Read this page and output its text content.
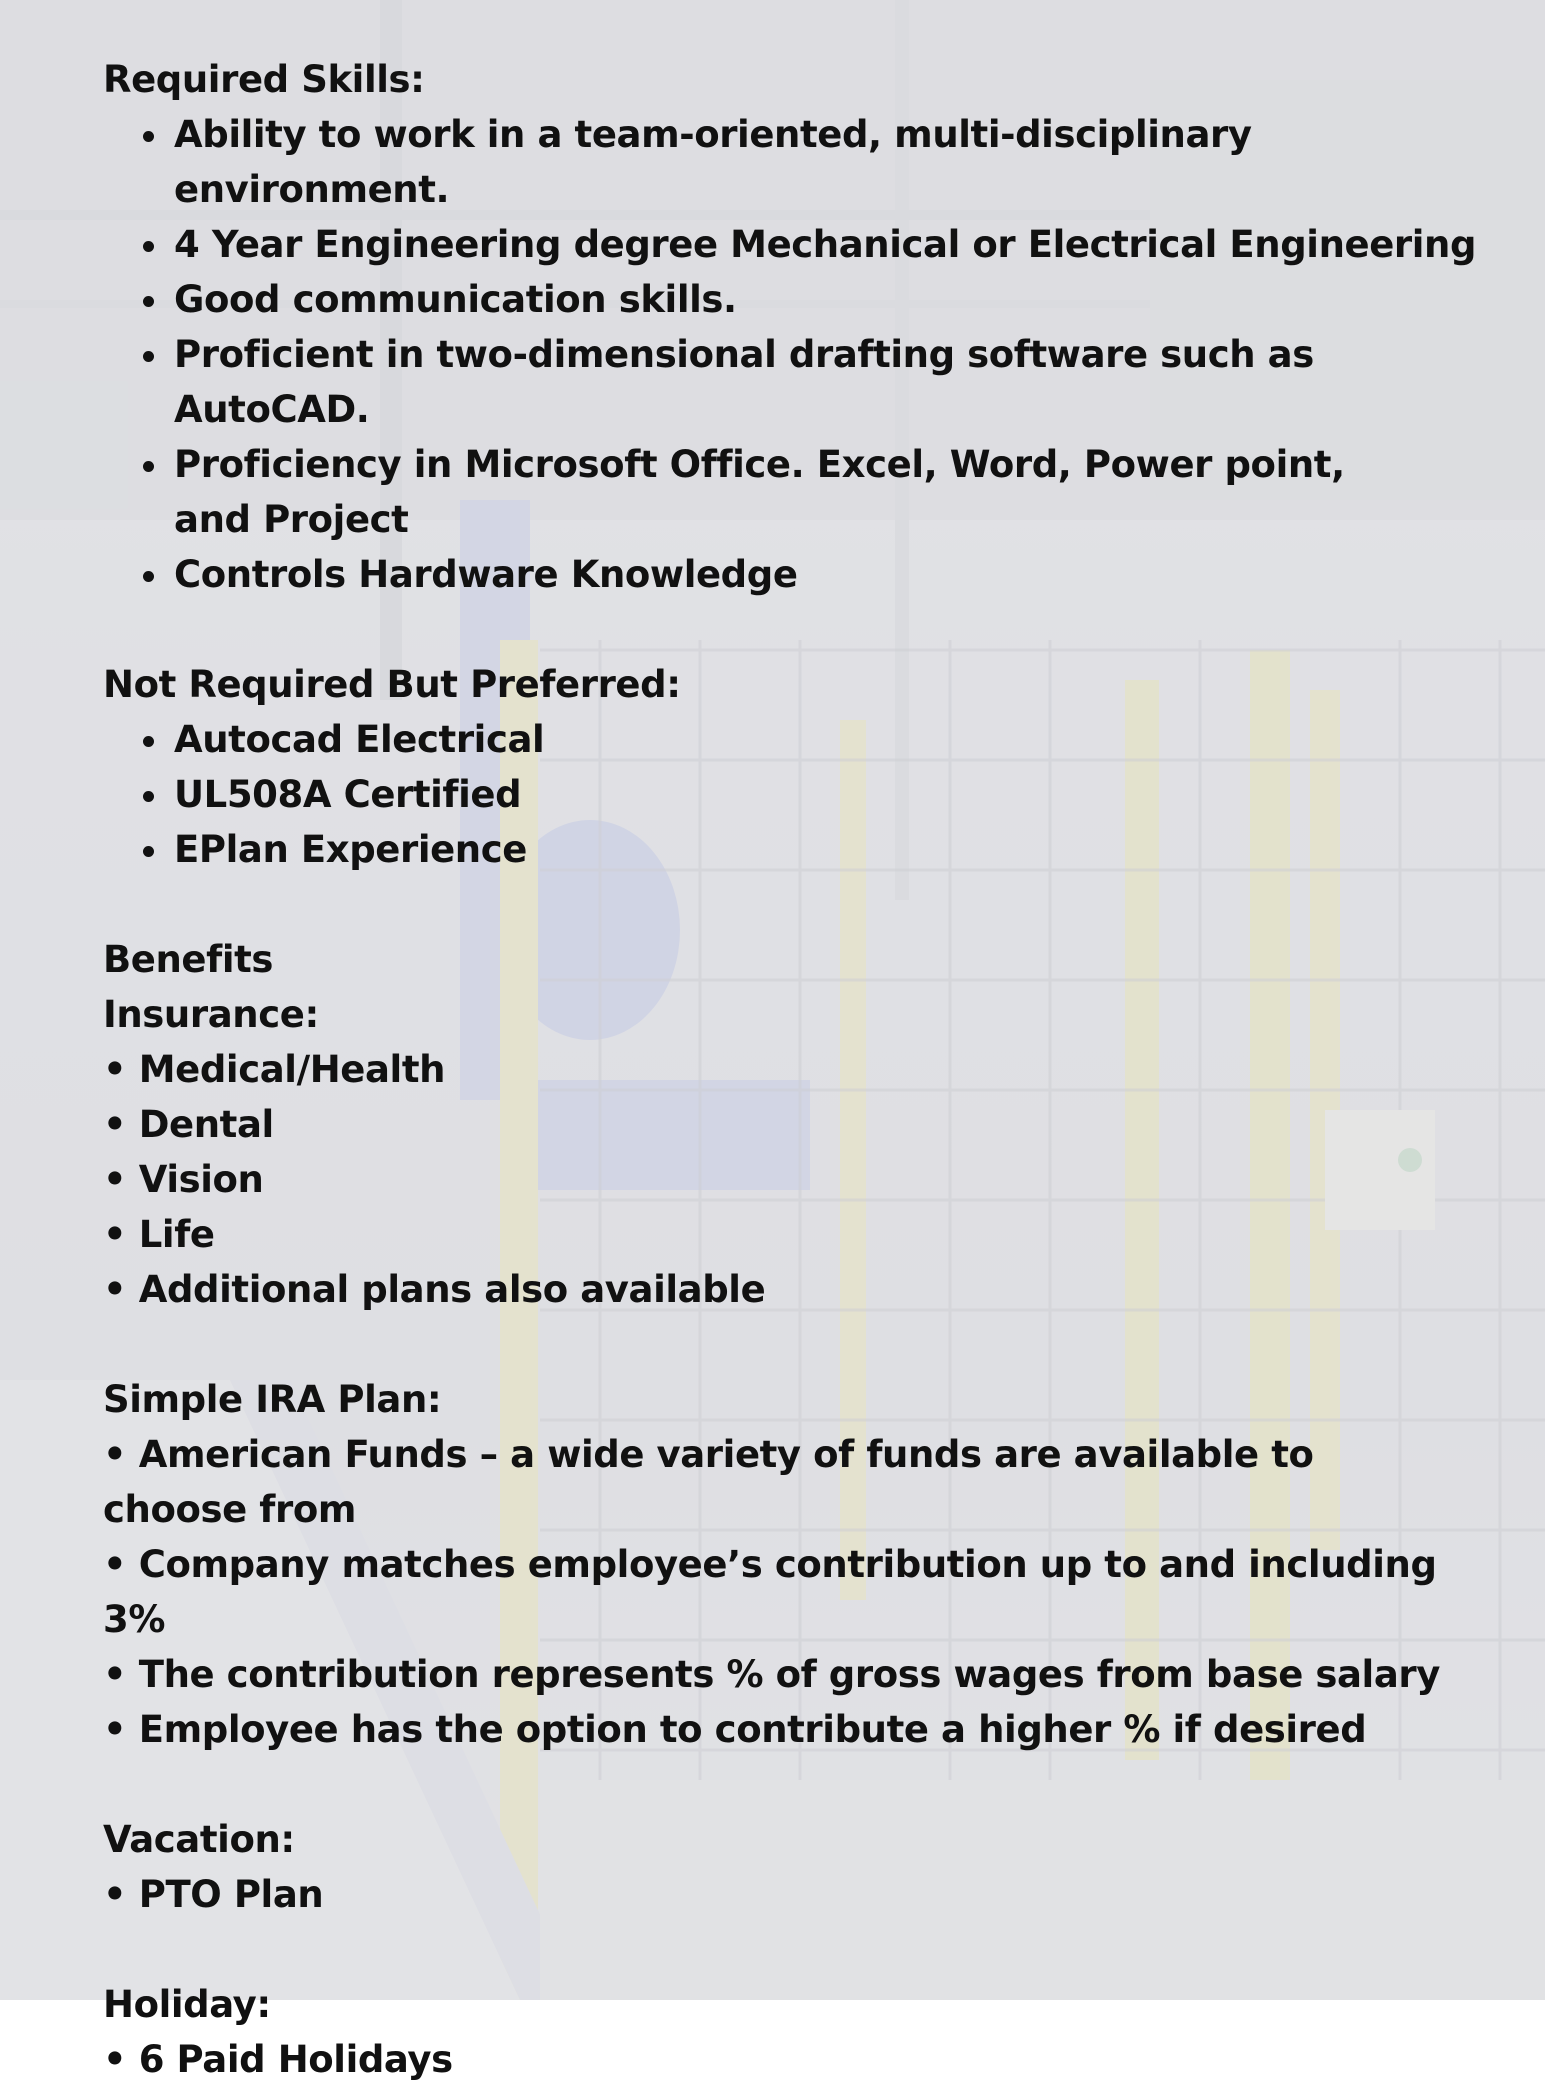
Required Skills:

• Ability to work in a team-oriented, multi-disciplinary environment.
• 4 Year Engineering degree Mechanical or Electrical Engineering
• Good communication skills.
• Proficient in two-dimensional drafting software such as AutoCAD.
• Proficiency in Microsoft Office. Excel, Word, Power point, and Project
• Controls Hardware Knowledge

Not Required But Preferred:

• Autocad Electrical
• UL508A Certified
• EPlan Experience

Benefits

Insurance:

• Medical/Health

• Dental

• Vision

• Life

• Additional plans also available

Simple IRA Plan:

• American Funds – a wide variety of funds are available to choose from

• Company matches employee’s contribution up to and including 3%

• The contribution represents % of gross wages from base salary

• Employee has the option to contribute a higher % if desired

Vacation:

• PTO Plan

Holiday:

• 6 Paid Holidays
